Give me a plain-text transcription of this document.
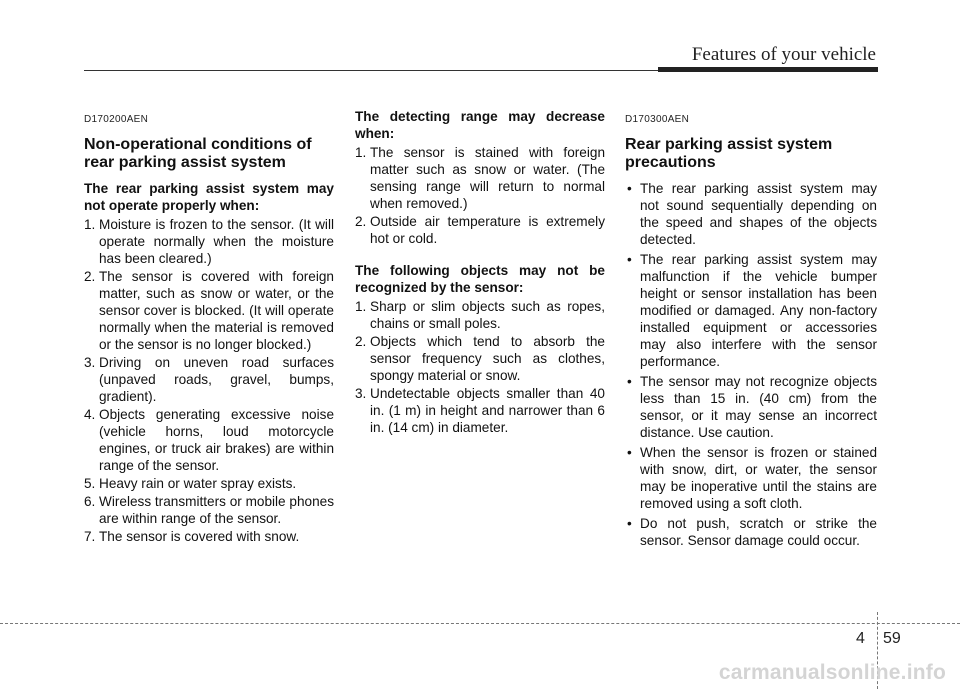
Features of your vehicle
D170200AEN
Non-operational conditions of rear parking assist system

The rear parking assist system may not operate properly when:

1. Moisture is frozen to the sensor. (It will operate normally when the moisture has been cleared.)
2. The sensor is covered with foreign matter, such as snow or water, or the sensor cover is blocked. (It will operate normally when the material is removed or the sensor is no longer blocked.)
3. Driving on uneven road surfaces (unpaved roads, gravel, bumps, gradient).
4. Objects generating excessive noise (vehicle horns, loud motorcycle engines, or truck air brakes) are within range of the sensor.
5. Heavy rain or water spray exists.
6. Wireless transmitters or mobile phones are within range of the sensor.
7. The sensor is covered with snow.

The detecting range may decrease when:

1. The sensor is stained with foreign matter such as snow or water. (The sensing range will return to normal when removed.)
2. Outside air temperature is extremely hot or cold.

The following objects may not be recognized by the sensor:

1. Sharp or slim objects such as ropes, chains or small poles.
2. Objects which tend to absorb the sensor frequency such as clothes, spongy material or snow.
3. Undetectable objects smaller than 40 in. (1 m) in height and narrower than 6 in. (14 cm) in diameter.
D170300AEN
Rear parking assist system precautions
• The rear parking assist system may not sound sequentially depending on the speed and shapes of the objects detected.
• The rear parking assist system may malfunction if the vehicle bumper height or sensor installation has been modified or damaged. Any non-factory installed equipment or accessories may also interfere with the sensor performance.
• The sensor may not recognize objects less than 15 in. (40 cm) from the sensor, or it may sense an incorrect distance. Use caution.
• When the sensor is frozen or stained with snow, dirt, or water, the sensor may be inoperative until the stains are removed using a soft cloth.
• Do not push, scratch or strike the sensor. Sensor damage could occur.
4 59
carmanualsonline.info
